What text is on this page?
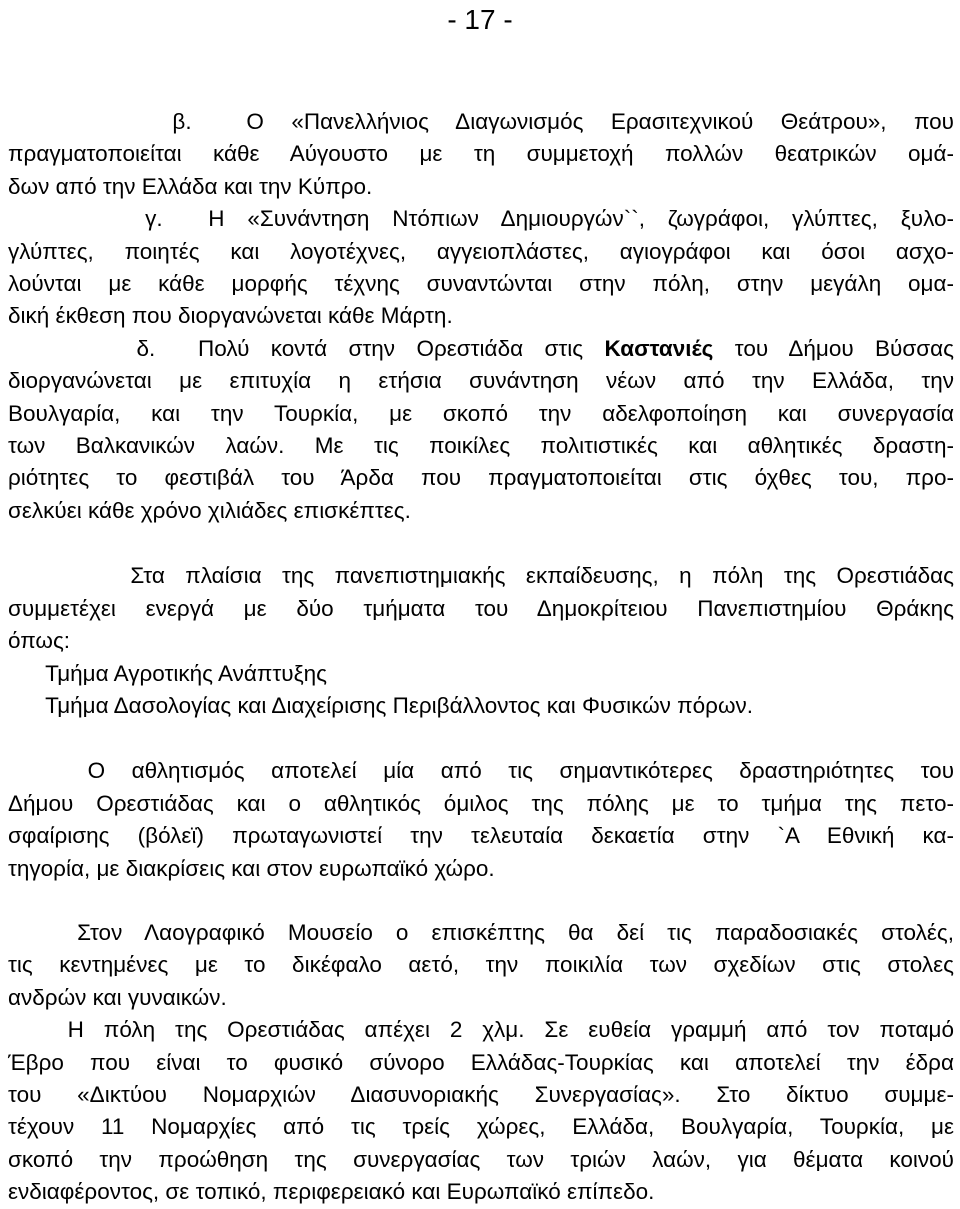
- 17 -
β.  Ο «Πανελλήνιος Διαγωνισμός Ερασιτεχνικού Θεάτρου», που
πραγματοποιείται κάθε Αύγουστο με τη συμμετοχή πολλών θεατρικών ομά-
δων από την Ελλάδα και την Κύπρο.
γ.  Η «Συνάντηση Ντόπιων Δημιουργών``, ζωγράφοι, γλύπτες, ξυλο-
γλύπτες, ποιητές και λογοτέχνες, αγγειοπλάστες, αγιογράφοι και όσοι ασχο-
λούνται με κάθε μορφής τέχνης συναντώνται στην πόλη, στην μεγάλη ομα-
δική έκθεση που διοργανώνεται κάθε Μάρτη.
δ.  Πολύ κοντά στην Ορεστιάδα στις Καστανιές του Δήμου Βύσσας
διοργανώνεται με επιτυχία η ετήσια συνάντηση νέων από την Ελλάδα, την
Βουλγαρία, και την Τουρκία, με σκοπό την αδελφοποίηση και συνεργασία
των Βαλκανικών λαών. Με τις ποικίλες πολιτιστικές και αθλητικές δραστη-
ριότητες το φεστιβάλ του Άρδα που πραγματοποιείται στις όχθες του, προ-
σελκύει κάθε χρόνο χιλιάδες επισκέπτες.
Στα πλαίσια της πανεπιστημιακής εκπαίδευσης, η πόλη της Ορεστιάδας
συμμετέχει ενεργά με δύο τμήματα του Δημοκρίτειου Πανεπιστημίου Θράκης
όπως:
Τμήμα Αγροτικής Ανάπτυξης
Τμήμα Δασολογίας και Διαχείρισης Περιβάλλοντος και Φυσικών πόρων.
Ο αθλητισμός αποτελεί μία από τις σημαντικότερες δραστηριότητες του
Δήμου Ορεστιάδας και ο αθλητικός όμιλος της πόλης με το τμήμα της πετο-
σφαίρισης (βόλεϊ) πρωταγωνιστεί την τελευταία δεκαετία στην `Α Εθνική κα-
τηγορία, με διακρίσεις και στον ευρωπαϊκό χώρο.
Στον Λαογραφικό Μουσείο ο επισκέπτης θα δεί τις παραδοσιακές στολές,
τις κεντημένες με το δικέφαλο αετό, την ποικιλία των σχεδίων στις στολες
ανδρών και γυναικών.
Η πόλη της Ορεστιάδας απέχει 2 χλμ. Σε ευθεία γραμμή από τον ποταμό
Έβρο που είναι το φυσικό σύνορο Ελλάδας-Τουρκίας και αποτελεί την έδρα
του «Δικτύου Νομαρχιών Διασυνοριακής Συνεργασίας». Στο δίκτυο συμμε-
τέχουν 11 Νομαρχίες από τις τρείς χώρες, Ελλάδα, Βουλγαρία, Τουρκία, με
σκοπό την προώθηση της συνεργασίας των τριών λαών, για θέματα κοινού
ενδιαφέροντος, σε τοπικό, περιφερειακό και Ευρωπαϊκό επίπεδο.
